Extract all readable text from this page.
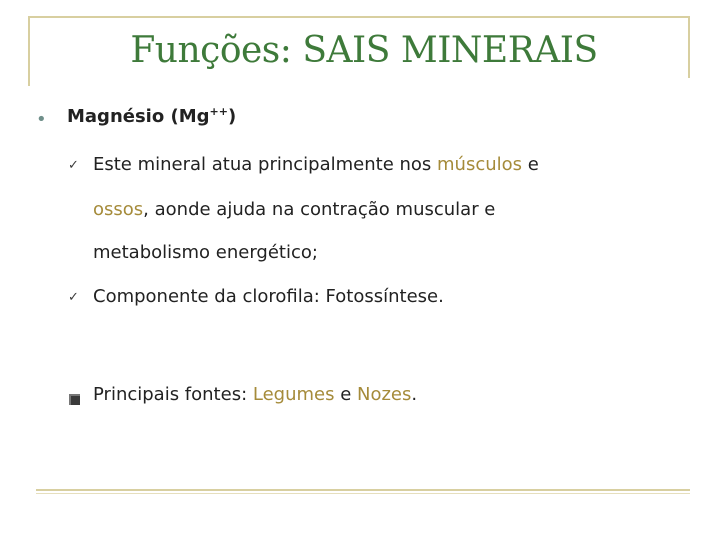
Funções: SAIS MINERAIS
• Magnésio (Mg++)
✓ Este mineral atua principalmente nos músculos e
ossos, aonde ajuda na contração muscular e
metabolismo energético;
✓ Componente da clorofila: Fotossíntese.
Principais fontes: Legumes e Nozes.
